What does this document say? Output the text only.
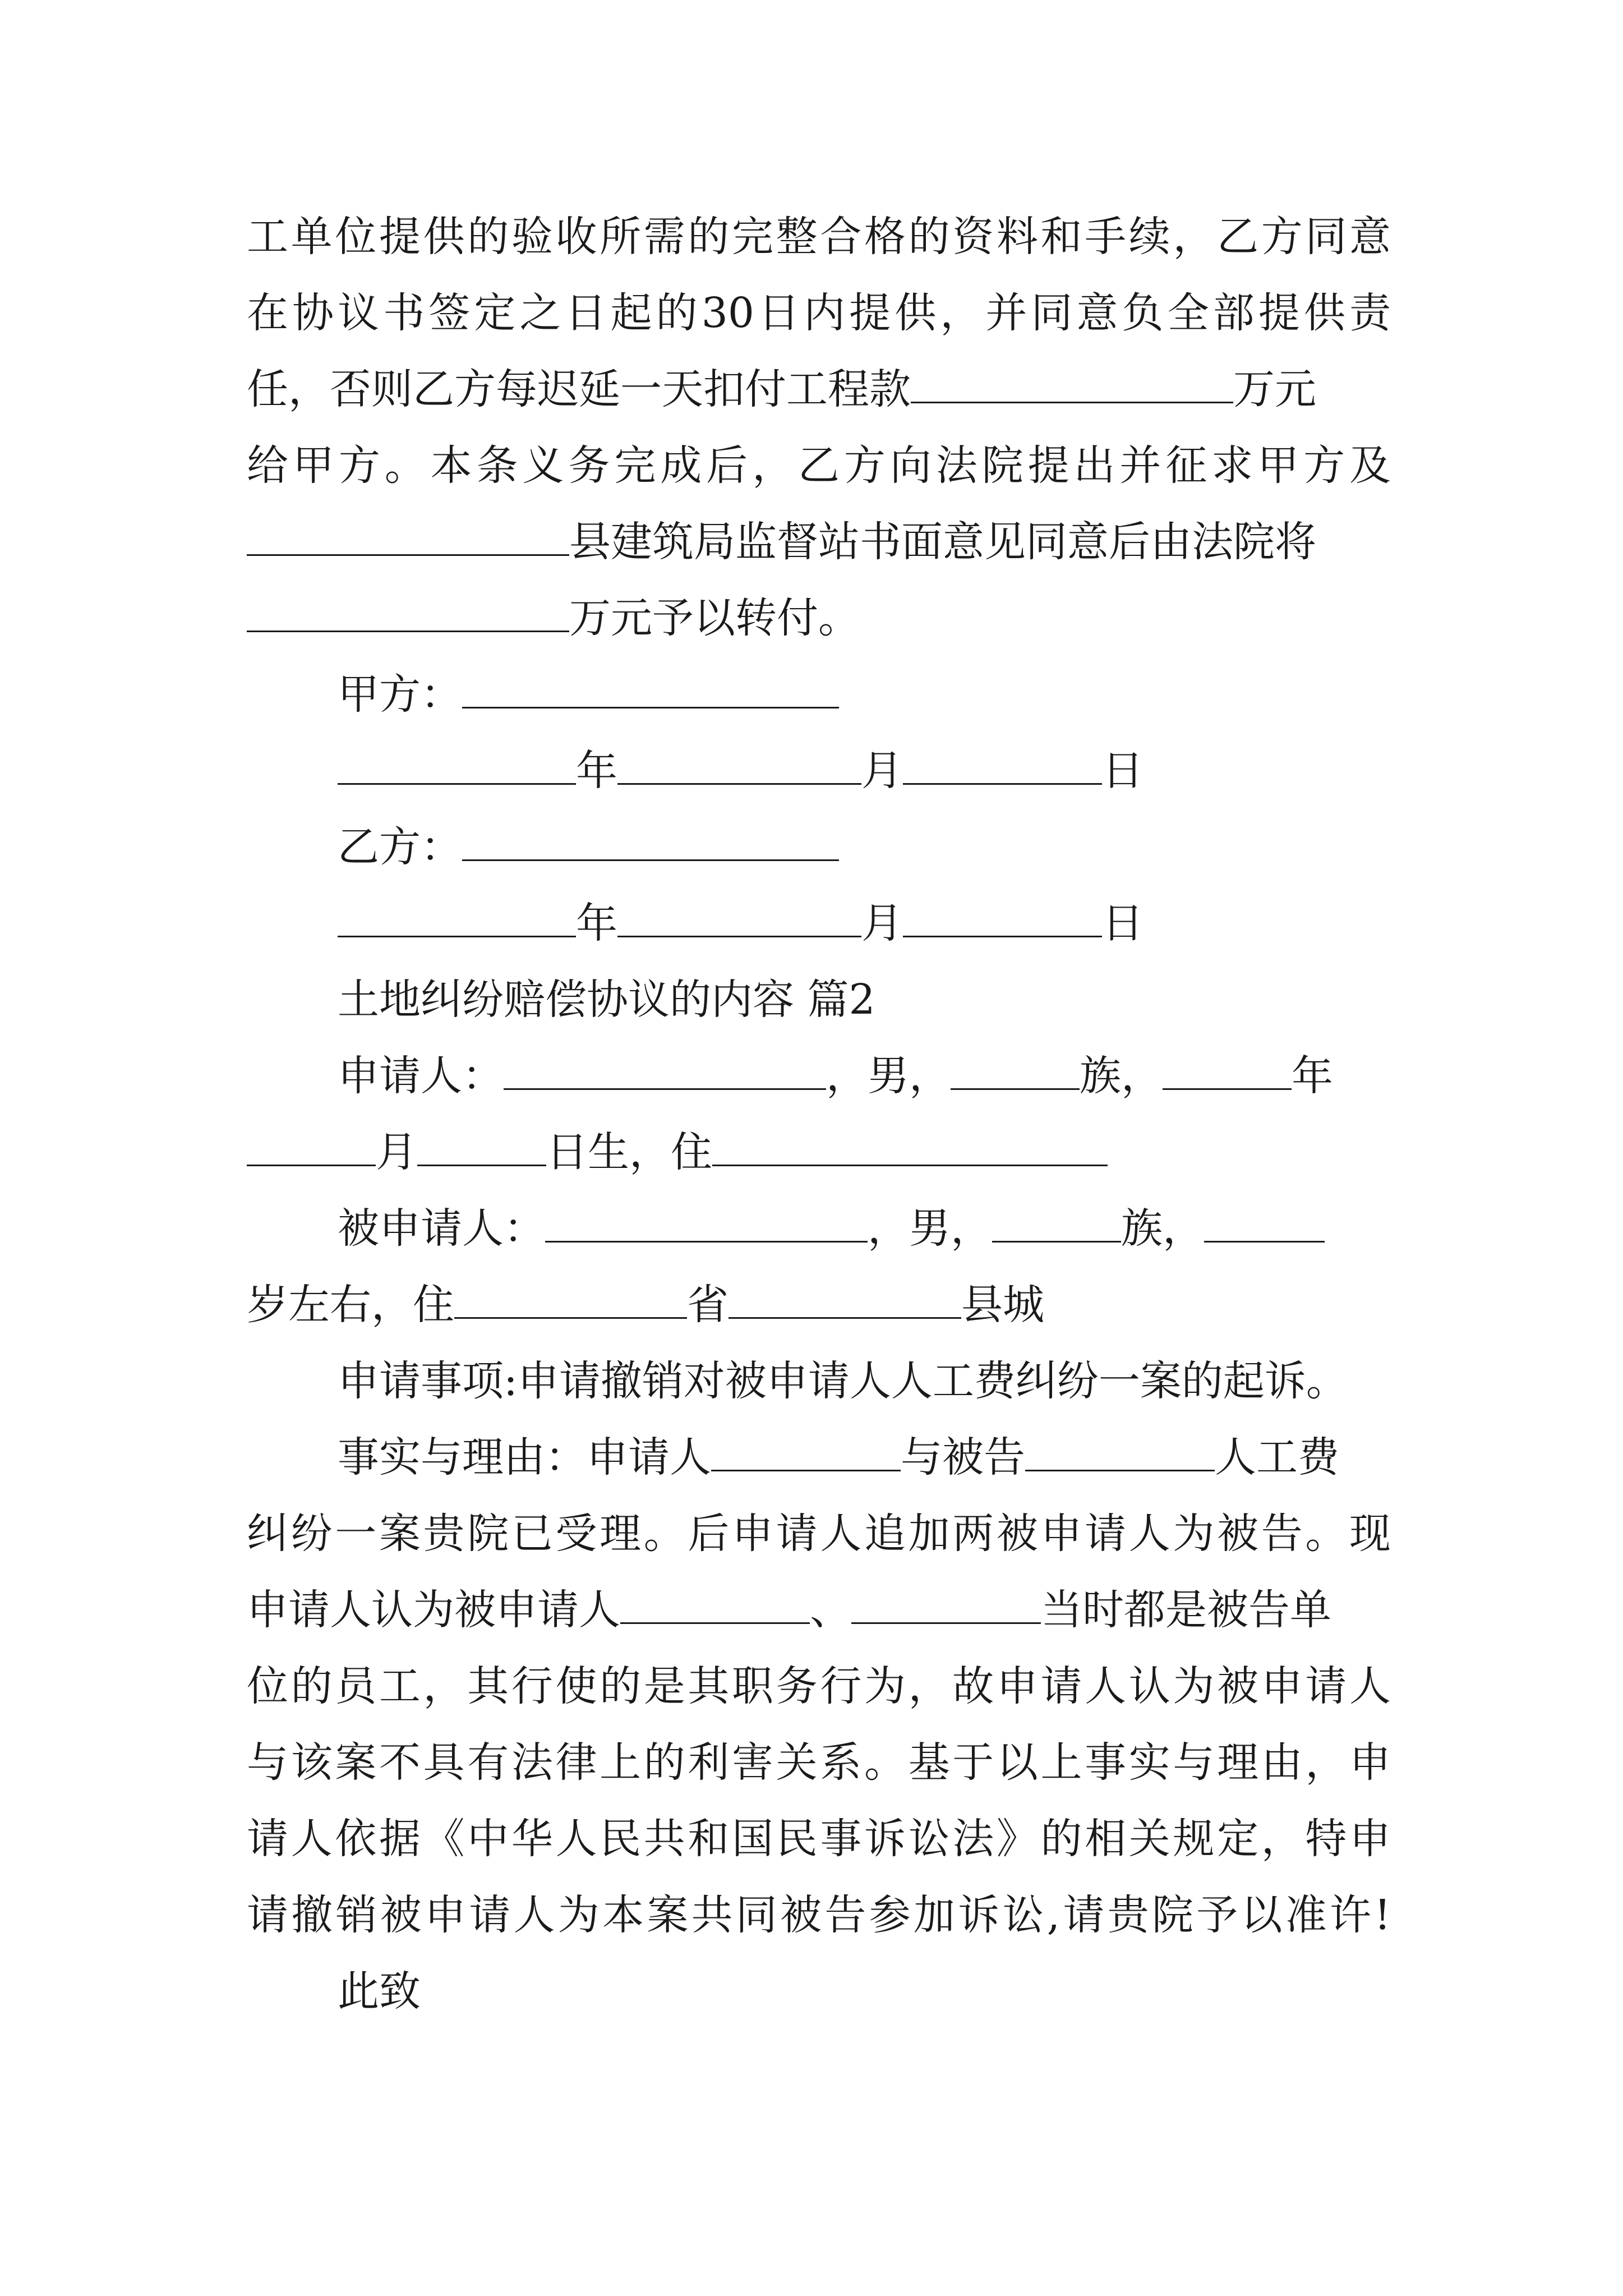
工单位提供的验收所需的完整合格的资料和手续，乙方同意
在协议书签定之日起的30日内提供，并同意负全部提供责
任，否则乙方每迟延一天扣付工程款	万元
给甲方。本条义务完成后，乙方向法院提出并征求甲方及
县建筑局监督站书面意见同意后由法院将
万元予以转付。
甲方：
年	月	日
乙方：
年	月	日
土地纠纷赔偿协议的内容 篇2
申请人：	，男，	族，	年
月	日生，住
被申请人：	，男，	族，
岁左右，住	省	县城
申请事项:申请撤销对被申请人人工费纠纷一案的起诉。
事实与理由：申请人	与被告	人工费
纠纷一案贵院已受理。后申请人追加两被申请人为被告。现
申请人认为被申请人	、	当时都是被告单
位的员工，其行使的是其职务行为，故申请人认为被申请人
与该案不具有法律上的利害关系。基于以上事实与理由，申
请人依据《中华人民共和国民事诉讼法》的相关规定，特申
请撤销被申请人为本案共同被告参加诉讼,请贵院予以准许!
此致
